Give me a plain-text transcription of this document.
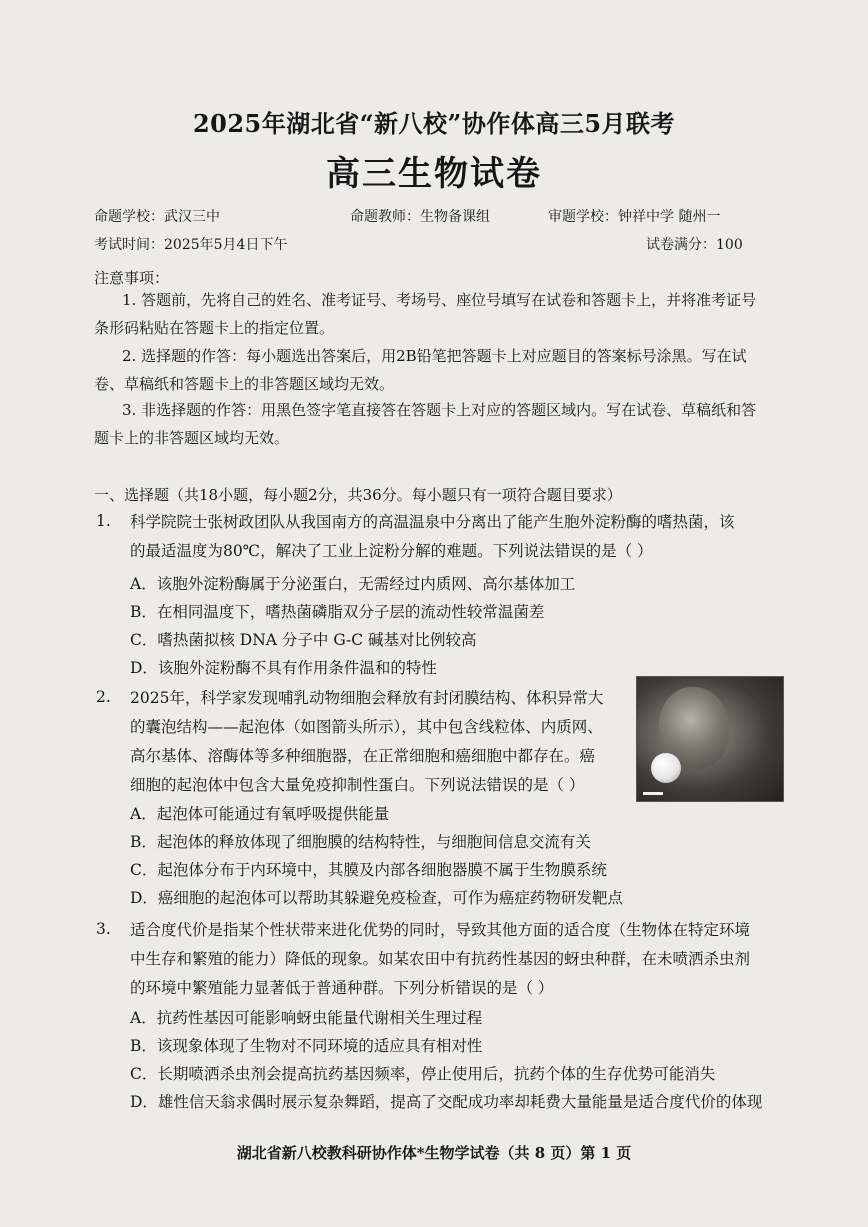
2025年湖北省“新八校”协作体高三5月联考
高三生物试卷
命题学校：武汉三中	命题教师：生物备课组	审题学校：钟祥中学 随州一
考试时间：2025年5月4日下午	试卷满分：100
注意事项：
1. 答题前，先将自己的姓名、准考证号、考场号、座位号填写在试卷和答题卡上，并将准考证号条形码粘贴在答题卡上的指定位置。
2. 选择题的作答：每小题选出答案后，用2B铅笔把答题卡上对应题目的答案标号涂黑。写在试卷、草稿纸和答题卡上的非答题区域均无效。
3. 非选择题的作答：用黑色签字笔直接答在答题卡上对应的答题区域内。写在试卷、草稿纸和答题卡上的非答题区域均无效。
一、选择题（共18小题，每小题2分，共36分。每小题只有一项符合题目要求）
1. 科学院院士张树政团队从我国南方的高温温泉中分离出了能产生胞外淀粉酶的嗜热菌，该
的最适温度为80℃，解决了工业上淀粉分解的难题。下列说法错误的是（ ）
A．该胞外淀粉酶属于分泌蛋白，无需经过内质网、高尔基体加工
B．在相同温度下，嗜热菌磷脂双分子层的流动性较常温菌差
C．嗜热菌拟核 DNA 分子中 G-C 碱基对比例较高
D．该胞外淀粉酶不具有作用条件温和的特性
2. 2025年，科学家发现哺乳动物细胞会释放有封闭膜结构、体积异常大
的囊泡结构——起泡体（如图箭头所示），其中包含线粒体、内质网、
高尔基体、溶酶体等多种细胞器，在正常细胞和癌细胞中都存在。癌
细胞的起泡体中包含大量免疫抑制性蛋白。下列说法错误的是（ ）
A．起泡体可能通过有氧呼吸提供能量
B．起泡体的释放体现了细胞膜的结构特性，与细胞间信息交流有关
C．起泡体分布于内环境中，其膜及内部各细胞器膜不属于生物膜系统
D．癌细胞的起泡体可以帮助其躲避免疫检查，可作为癌症药物研发靶点
3. 适合度代价是指某个性状带来进化优势的同时，导致其他方面的适合度（生物体在特定环境
中生存和繁殖的能力）降低的现象。如某农田中有抗药性基因的蚜虫种群，在未喷洒杀虫剂
的环境中繁殖能力显著低于普通种群。下列分析错误的是（ ）
A．抗药性基因可能影响蚜虫能量代谢相关生理过程
B．该现象体现了生物对不同环境的适应具有相对性
C．长期喷洒杀虫剂会提高抗药基因频率，停止使用后，抗药个体的生存优势可能消失
D．雄性信天翁求偶时展示复杂舞蹈，提高了交配成功率却耗费大量能量是适合度代价的体现
湖北省新八校教科研协作体*生物学试卷（共 8 页）第 1 页
